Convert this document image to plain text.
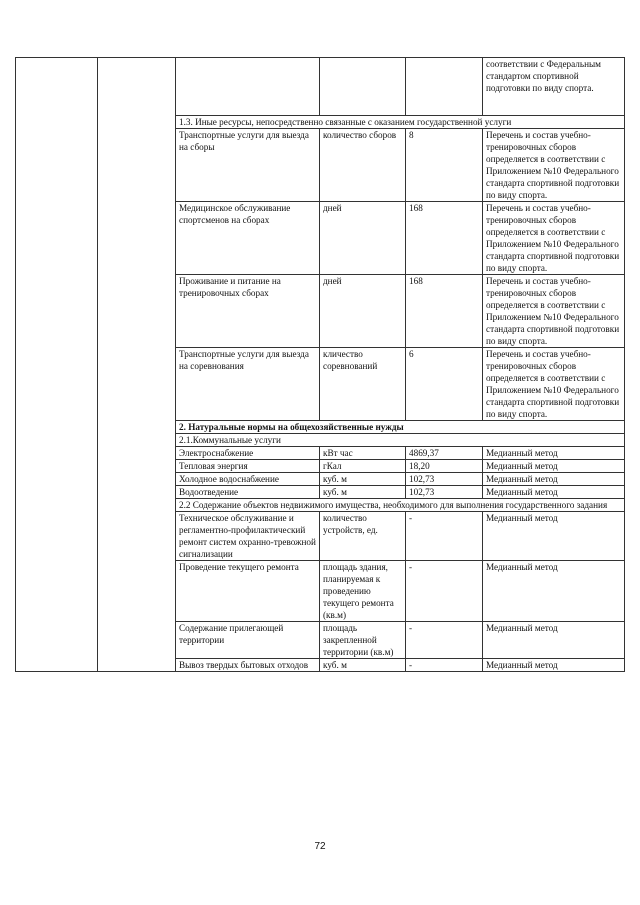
					соответствии с Федеральным стандартом спортивной подготовки по виду спорта.
		1.3. Иные ресурсы, непосредственно связанные с оказанием государственной услуги			
		Транспортные услуги для выезда на сборы	количество сборов	8	Перечень и состав учебно-тренировочных сборов определяется в соответствии с Приложением №10 Федерального стандарта спортивной подготовки по виду спорта.
		Медицинское обслуживание спортсменов на сборах	дней	168	Перечень и состав учебно-тренировочных сборов определяется в соответствии с Приложением №10 Федерального стандарта спортивной подготовки по виду спорта.
		Проживание и питание на тренировочных сборах	дней	168	Перечень и состав учебно-тренировочных сборов определяется в соответствии с Приложением №10 Федерального стандарта спортивной подготовки по виду спорта.
		Транспортные услуги для выезда на соревнования	кличество соревнований	6	Перечень и состав учебно-тренировочных сборов определяется в соответствии с Приложением №10 Федерального стандарта спортивной подготовки по виду спорта.
		2. Натуральные нормы на общехозяйственные нужды			
		2.1.Коммунальные услуги			
		Электроснабжение	кВт час	4869,37	Медианный метод
		Тепловая энергия	гКал	18,20	Медианный метод
		Холодное водоснабжение	куб. м	102,73	Медианный метод
		Водоотведение	куб. м	102,73	Медианный метод
		2.2 Содержание объектов недвижимого имущества, необходимого для выполнения государственного задания			
		Техническое обслуживание и регламентно-профилактический ремонт систем охранно-тревожной сигнализации	количество устройств, ед.	-	Медианный метод
		Проведение текущего ремонта	площадь здания, планируемая к проведению текущего ремонта (кв.м)	-	Медианный метод
		Содержание прилегающей территории	площадь закрепленной территории (кв.м)	-	Медианный метод
		Вывоз твердых бытовых отходов	куб. м	-	Медианный метод
72
